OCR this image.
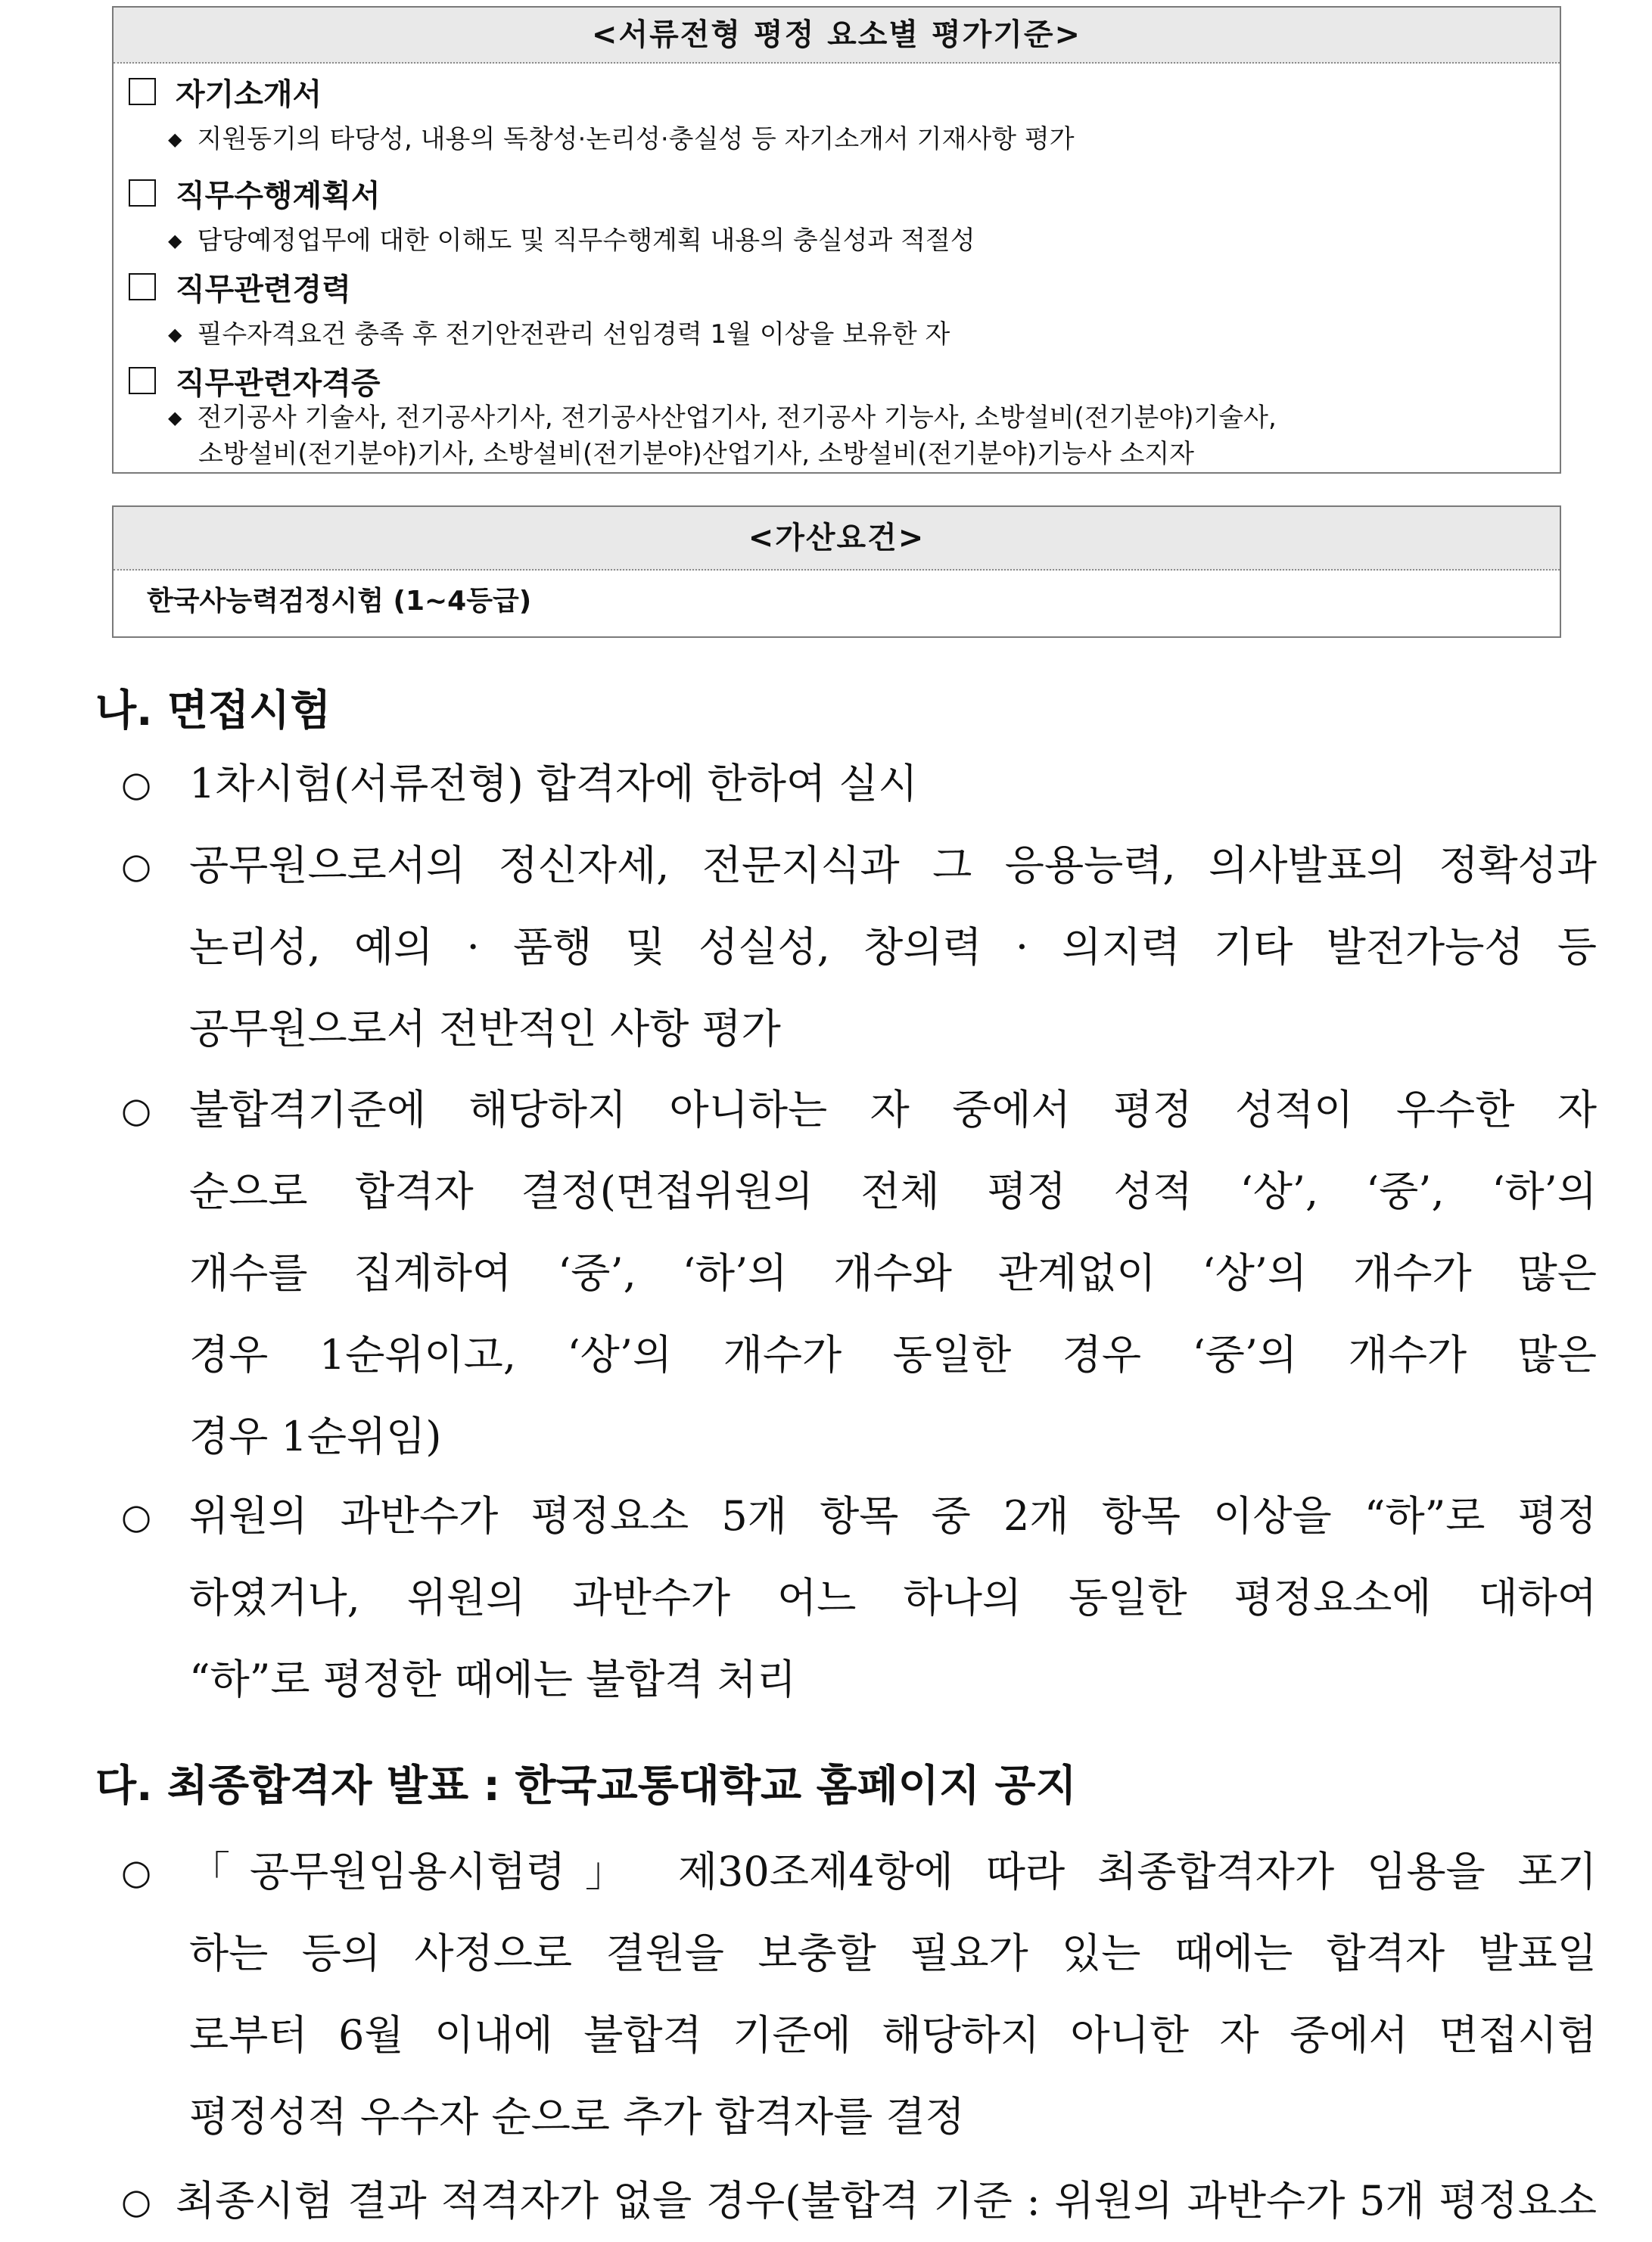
<서류전형 평정 요소별 평가기준>
자기소개서
◆ 지원동기의 타당성, 내용의 독창성·논리성·충실성 등 자기소개서 기재사항 평가
직무수행계획서
◆ 담당예정업무에 대한 이해도 및 직무수행계획 내용의 충실성과 적절성
직무관련경력
◆ 필수자격요건 충족 후 전기안전관리 선임경력 1월 이상을 보유한 자
직무관련자격증
◆ 전기공사 기술사, 전기공사기사, 전기공사산업기사, 전기공사 기능사, 소방설비(전기분야)기술사,
소방설비(전기분야)기사, 소방설비(전기분야)산업기사, 소방설비(전기분야)기능사 소지자
<가산요건>
한국사능력검정시험 (1~4등급)
나. 면접시험
○ 1차시험(서류전형) 합격자에 한하여 실시
○ 공무원으로서의 정신자세, 전문지식과 그 응용능력, 의사발표의 정확성과
논리성, 예의 · 품행 및 성실성, 창의력 · 의지력 기타 발전가능성 등
공무원으로서 전반적인 사항 평가
○ 불합격기준에 해당하지 아니하는 자 중에서 평정 성적이 우수한 자
순으로 합격자 결정(면접위원의 전체 평정 성적 ‘상’, ‘중’, ‘하’의
개수를 집계하여 ‘중’, ‘하’의 개수와 관계없이 ‘상’의 개수가 많은
경우 1순위이고, ‘상’의 개수가 동일한 경우 ‘중’의 개수가 많은
경우 1순위임)
○ 위원의 과반수가 평정요소 5개 항목 중 2개 항목 이상을 “하”로 평정
하였거나, 위원의 과반수가 어느 하나의 동일한 평정요소에 대하여
“하”로 평정한 때에는 불합격 처리
다. 최종합격자 발표 : 한국교통대학교 홈페이지 공지
○ 「공무원임용시험령」 제30조제4항에 따라 최종합격자가 임용을 포기
하는 등의 사정으로 결원을 보충할 필요가 있는 때에는 합격자 발표일
로부터 6월 이내에 불합격 기준에 해당하지 아니한 자 중에서 면접시험
평정성적 우수자 순으로 추가 합격자를 결정
○ 최종시험 결과 적격자가 없을 경우(불합격 기준 : 위원의 과반수가 5개 평정요소
